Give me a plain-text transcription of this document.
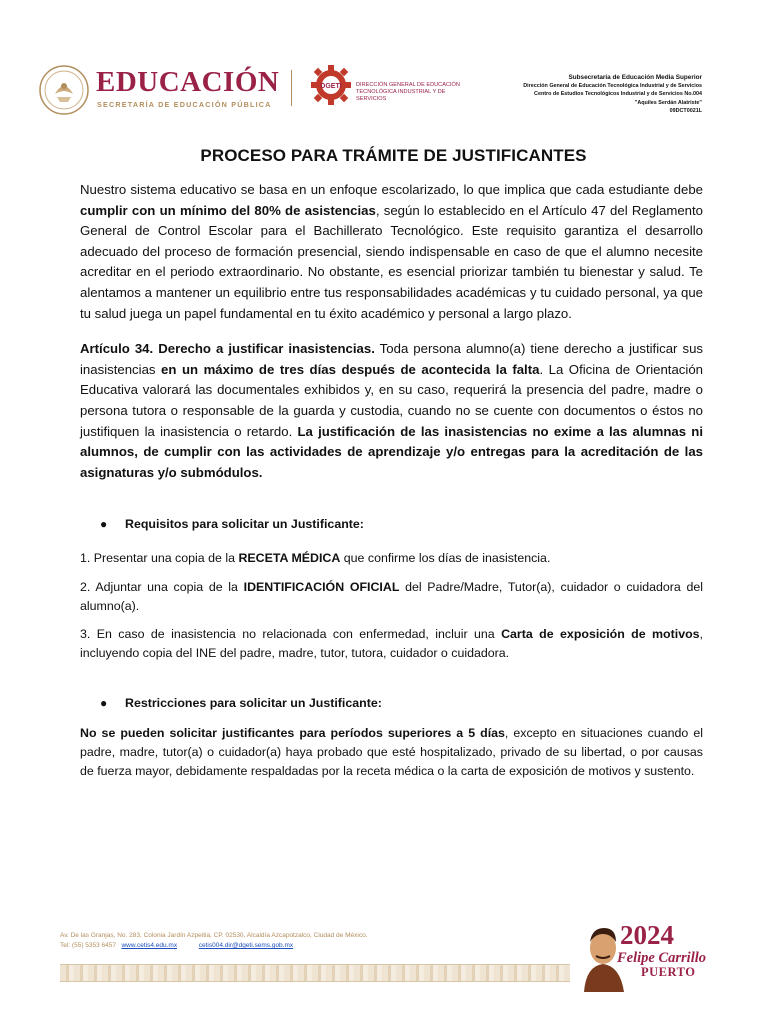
EDUCACIÓN
SECRETARÍA DE EDUCACIÓN PÚBLICA
DGETI	DIRECCIÓN GENERAL DE EDUCACIÓN
TECNOLÓGICA INDUSTRIAL Y DE SERVICIOS
Subsecretaría de Educación Media Superior
Dirección General de Educación Tecnológica Industrial y de Servicios
Centro de Estudios Tecnológicos Industrial y de Servicios No.004
"Aquiles Serdán Alatriste"
09DCT0021L
PROCESO PARA TRÁMITE DE JUSTIFICANTES

Nuestro sistema educativo se basa en un enfoque escolarizado, lo que implica que cada estudiante debe cumplir con un mínimo del 80% de asistencias, según lo establecido en el Artículo 47 del Reglamento General de Control Escolar para el Bachillerato Tecnológico. Este requisito garantiza el desarrollo adecuado del proceso de formación presencial, siendo indispensable en caso de que el alumno necesite acreditar en el periodo extraordinario. No obstante, es esencial priorizar también tu bienestar y salud. Te alentamos a mantener un equilibrio entre tus responsabilidades académicas y tu cuidado personal, ya que tu salud juega un papel fundamental en tu éxito académico y personal a largo plazo.

Artículo 34. Derecho a justificar inasistencias. Toda persona alumno(a) tiene derecho a justificar sus inasistencias en un máximo de tres días después de acontecida la falta. La Oficina de Orientación Educativa valorará las documentales exhibidos y, en su caso, requerirá la presencia del padre, madre o persona tutora o responsable de la guarda y custodia, cuando no se cuente con documentos o éstos no justifiquen la inasistencia o retardo. La justificación de las inasistencias no exime a las alumnas ni alumnos, de cumplir con las actividades de aprendizaje y/o entregas para la acreditación de las asignaturas y/o submódulos.

● Requisitos para solicitar un Justificante:

1. Presentar una copia de la RECETA MÉDICA que confirme los días de inasistencia.

2. Adjuntar una copia de la IDENTIFICACIÓN OFICIAL del Padre/Madre, Tutor(a), cuidador o cuidadora del alumno(a).

3. En caso de inasistencia no relacionada con enfermedad, incluir una Carta de exposición de motivos, incluyendo copia del INE del padre, madre, tutor, tutora, cuidador o cuidadora.

● Restricciones para solicitar un Justificante:

No se pueden solicitar justificantes para períodos superiores a 5 días, excepto en situaciones cuando el padre, madre, tutor(a) o cuidador(a) haya probado que esté hospitalizado, privado de su libertad, o por causas de fuerza mayor, debidamente respaldadas por la receta médica o la carta de exposición de motivos y sustento.

Av. De las Granjas, No. 283, Colonia Jardín Azpeitia, CP. 02530, Alcaldía Azcapotzalco, Ciudad de México.
Tel: (55) 5353 6457 www.cetis4.edu.mx	cetis004.dir@dgeti.sems.gob.mx	2024
Felipe Carrillo
PUERTO
